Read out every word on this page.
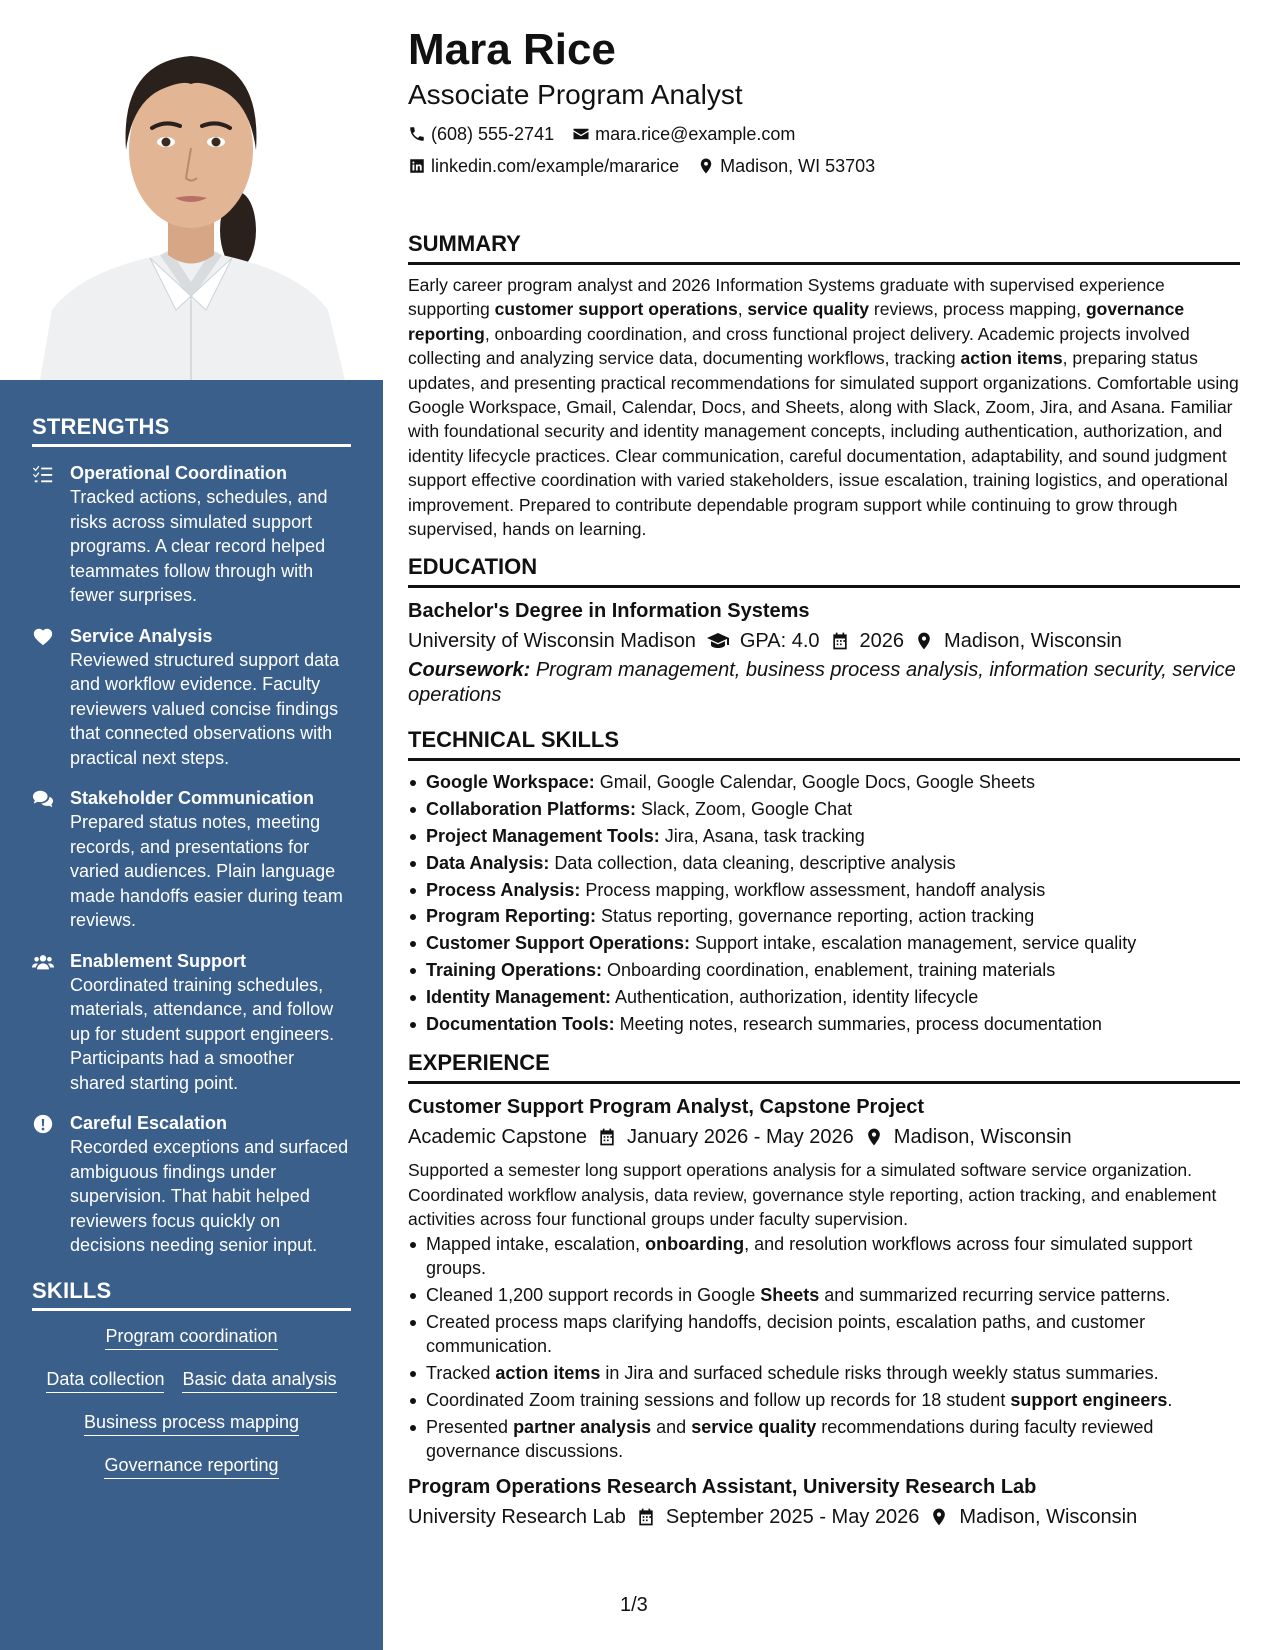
STRENGTHS
Operational Coordination
Tracked actions, schedules, and risks across simulated support programs. A clear record helped teammates follow through with fewer surprises.
Service Analysis
Reviewed structured support data and workflow evidence. Faculty reviewers valued concise findings that connected observations with practical next steps.
Stakeholder Communication
Prepared status notes, meeting records, and presentations for varied audiences. Plain language made handoffs easier during team reviews.
Enablement Support
Coordinated training schedules, materials, attendance, and follow up for student support engineers. Participants had a smoother shared starting point.
Careful Escalation
Recorded exceptions and surfaced ambiguous findings under supervision. That habit helped reviewers focus quickly on decisions needing senior input.
SKILLS
Program coordination
Data collection Basic data analysis
Business process mapping
Governance reporting
Mara Rice
Associate Program Analyst
(608) 555-2741 mara.rice@example.com
linkedin.com/example/mararice Madison, WI 53703
SUMMARY

Early career program analyst and 2026 Information Systems graduate with supervised experience supporting customer support operations, service quality reviews, process mapping, governance reporting, onboarding coordination, and cross functional project delivery. Academic projects involved collecting and analyzing service data, documenting workflows, tracking action items, preparing status updates, and presenting practical recommendations for simulated support organizations. Comfortable using Google Workspace, Gmail, Calendar, Docs, and Sheets, along with Slack, Zoom, Jira, and Asana. Familiar with foundational security and identity management concepts, including authentication, authorization, and identity lifecycle practices. Clear communication, careful documentation, adaptability, and sound judgment support effective coordination with varied stakeholders, issue escalation, training logistics, and operational improvement. Prepared to contribute dependable program support while continuing to grow through supervised, hands on learning.

EDUCATION
Bachelor's Degree in Information Systems
University of Wisconsin Madison GPA: 4.0 2026 Madison, Wisconsin
Coursework: Program management, business process analysis, information security, service operations
TECHNICAL SKILLS
Google Workspace: Gmail, Google Calendar, Google Docs, Google Sheets
Collaboration Platforms: Slack, Zoom, Google Chat
Project Management Tools: Jira, Asana, task tracking
Data Analysis: Data collection, data cleaning, descriptive analysis
Process Analysis: Process mapping, workflow assessment, handoff analysis
Program Reporting: Status reporting, governance reporting, action tracking
Customer Support Operations: Support intake, escalation management, service quality
Training Operations: Onboarding coordination, enablement, training materials
Identity Management: Authentication, authorization, identity lifecycle
Documentation Tools: Meeting notes, research summaries, process documentation
EXPERIENCE
Customer Support Program Analyst, Capstone Project
Academic Capstone January 2026 - May 2026 Madison, Wisconsin

Supported a semester long support operations analysis for a simulated software service organization. Coordinated workflow analysis, data review, governance style reporting, action tracking, and enablement activities across four functional groups under faculty supervision.

Mapped intake, escalation, onboarding, and resolution workflows across four simulated support groups.
Cleaned 1,200 support records in Google Sheets and summarized recurring service patterns.
Created process maps clarifying handoffs, decision points, escalation paths, and customer communication.
Tracked action items in Jira and surfaced schedule risks through weekly status summaries.
Coordinated Zoom training sessions and follow up records for 18 student support engineers.
Presented partner analysis and service quality recommendations during faculty reviewed governance discussions.
Program Operations Research Assistant, University Research Lab
University Research Lab September 2025 - May 2026 Madison, Wisconsin
1/3
